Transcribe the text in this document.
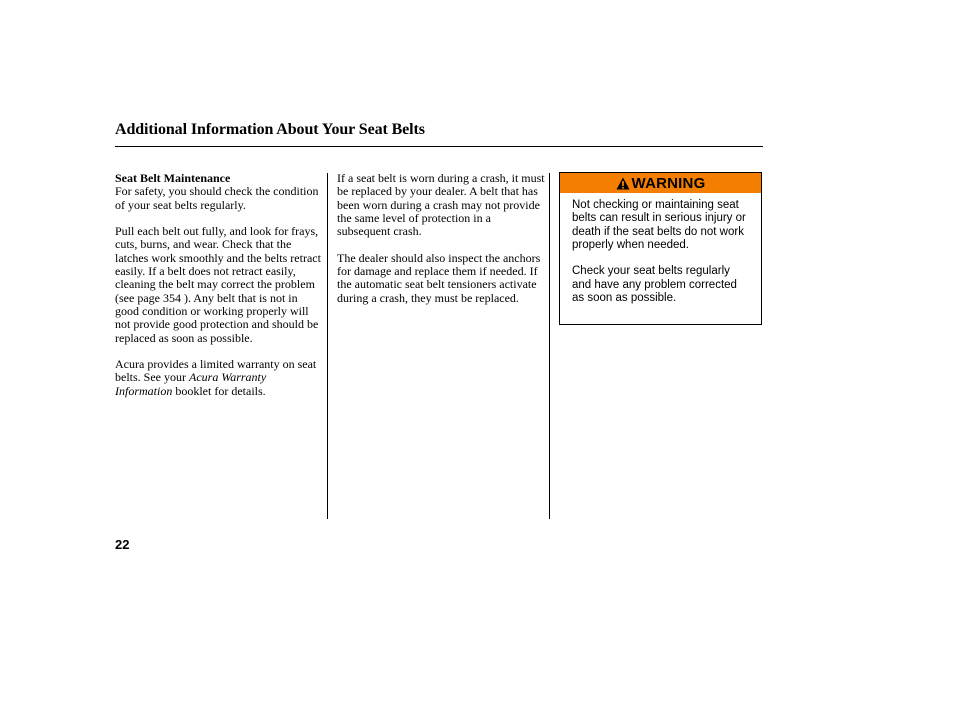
Additional Information About Your Seat Belts

Seat Belt Maintenance
For safety, you should check the condition of your seat belts regularly.

Pull each belt out fully, and look for frays, cuts, burns, and wear. Check that the latches work smoothly and the belts retract easily. If a belt does not retract easily, cleaning the belt may correct the problem (see page 354 ). Any belt that is not in good condition or working properly will not provide good protection and should be replaced as soon as possible.

Acura provides a limited warranty on seat belts. See your Acura Warranty Information booklet for details.

If a seat belt is worn during a crash, it must be replaced by your dealer. A belt that has been worn during a crash may not provide the same level of protection in a subsequent crash.

The dealer should also inspect the anchors for damage and replace them if needed. If the automatic seat belt tensioners activate during a crash, they must be replaced.

WARNING

Not checking or maintaining seat belts can result in serious injury or death if the seat belts do not work properly when needed.

Check your seat belts regularly and have any problem corrected as soon as possible.

22
